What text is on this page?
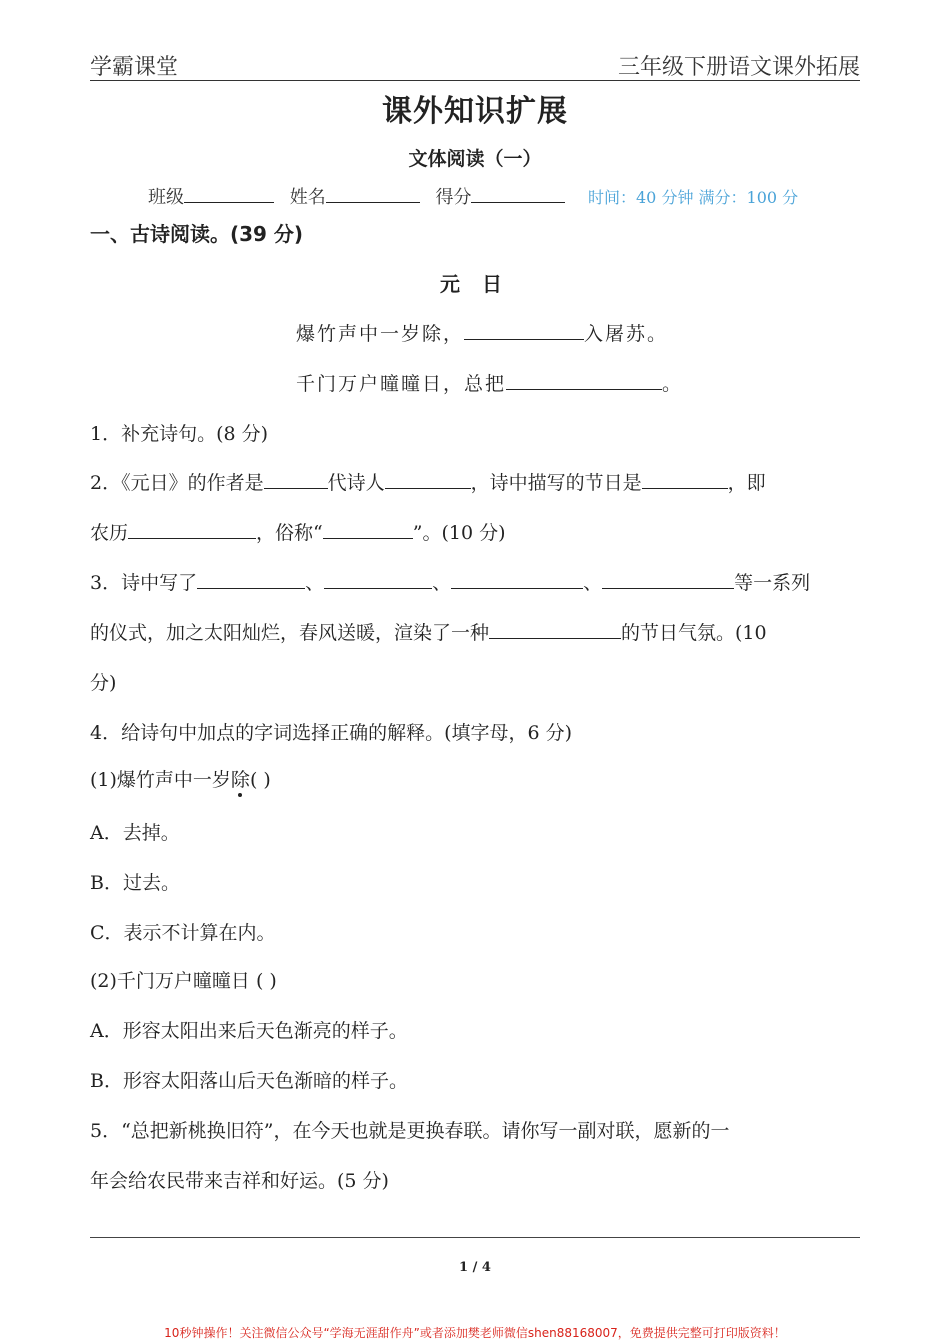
学霸课堂	三年级下册语文课外拓展
课外知识扩展
文体阅读（一）
班级	姓名	得分	时间：40 分钟 满分：100 分
一、古诗阅读。(39 分)
元日
爆竹声中一岁除，	入屠苏。
千门万户曈曈日，总把	。
1．补充诗句。(8 分)
2．《元日》的作者是	代诗人	，诗中描写的节日是	，即
农历	，俗称“	”。(10 分)
3．诗中写了	、	、	、	等一系列
的仪式，加之太阳灿烂，春风送暖，渲染了一种	的节日气氛。(10
分)
4．给诗句中加点的字词选择正确的解释。(填字母，6 分)
(1)爆竹声中一岁除( )
A．去掉。
B．过去。
C．表示不计算在内。
(2)千门万户曈曈日 ( )
A．形容太阳出来后天色渐亮的样子。
B．形容太阳落山后天色渐暗的样子。
5．“总把新桃换旧符”，在今天也就是更换春联。请你写一副对联，愿新的一
年会给农民带来吉祥和好运。(5 分)
1 / 4
10秒钟操作！关注微信公众号“学海无涯甜作舟”或者添加樊老师微信shen88168007，免费提供完整可打印版资料！
